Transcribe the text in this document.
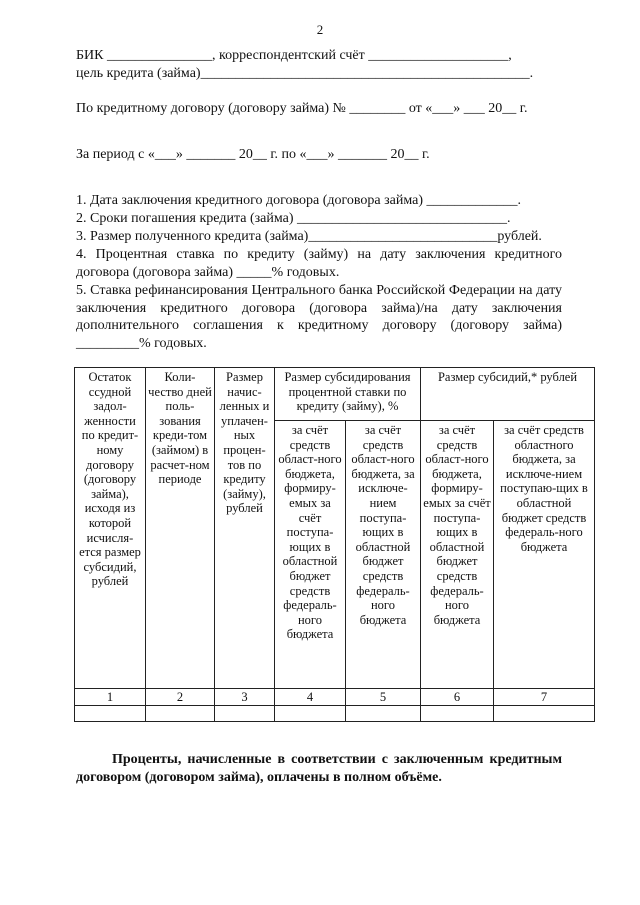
2
БИК _______________, корреспондентский счёт ____________________,
цель кредита (займа)_______________________________________________.
По кредитному договору (договору займа) № ________ от «___» ___ 20__ г.
За период с «___» _______ 20__ г. по «___» _______ 20__ г.
1. Дата заключения кредитного договора (договора займа) _____________.
2. Сроки погашения кредита (займа) ______________________________.
3. Размер полученного кредита (займа)___________________________рублей.
4. Процентная ставка по кредиту (займу) на дату заключения кредитного договора (договора займа) _____% годовых.
5. Ставка рефинансирования Центрального банка Российской Федерации на дату заключения кредитного договора (договора займа)/на дату заключения дополнительного соглашения к кредитному договору (договору займа) _________% годовых.
Остаток ссудной задол-женности по кредит-ному договору (договору займа), исходя из которой исчисля-ется размер субсидий, рублей	Коли-чество дней поль-зования креди-том (займом) в расчет-ном периоде	Размер начис-ленных и уплачен-ных процен-тов по кредиту (займу), рублей	Размер субсидирования процентной ставки по кредиту (займу), %		Размер субсидий,* рублей	
			за счёт средств област-ного бюджета, формиру-емых за счёт поступа-ющих в областной бюджет средств федераль-ного бюджета	за счёт средств област-ного бюджета, за исключе-нием поступа-ющих в областной бюджет средств федераль-ного бюджета	за счёт средств област-ного бюджета, формиру-емых за счёт поступа-ющих в областной бюджет средств федераль-ного бюджета	за счёт средств областного бюджета, за исключе-нием поступаю-щих в областной бюджет средств федераль-ного бюджета
1	2	3	4	5	6	7

Проценты, начисленные в соответствии с заключенным кредитным договором (договором займа), оплачены в полном объёме.
